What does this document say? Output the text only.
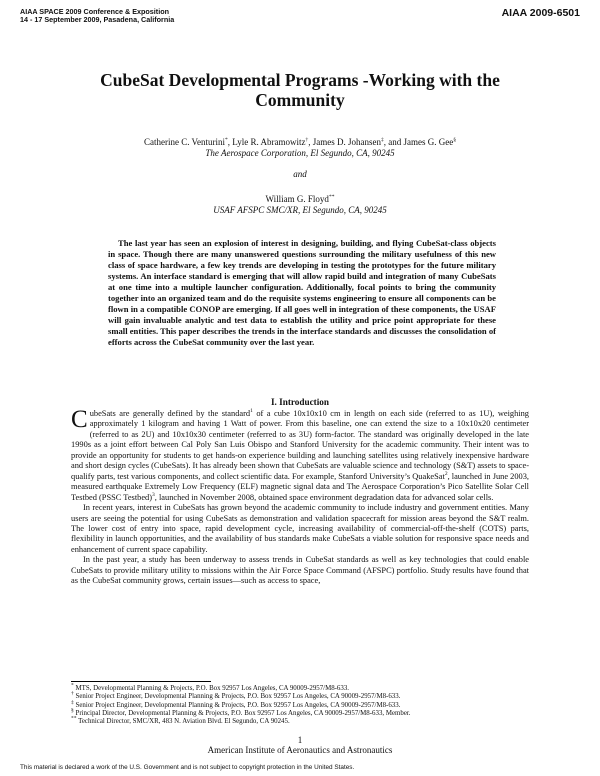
AIAA SPACE 2009 Conference & Exposition
14 - 17 September 2009, Pasadena, California
AIAA 2009-6501
CubeSat Developmental Programs -Working with the Community
Catherine C. Venturini*, Lyle R. Abramowitz†, James D. Johansen‡, and James G. Gee§
The Aerospace Corporation, El Segundo, CA, 90245
and
William G. Floyd**
USAF AFSPC SMC/XR, El Segundo, CA, 90245

The last year has seen an explosion of interest in designing, building, and flying CubeSat-class objects in space. Though there are many unanswered questions surrounding the military usefulness of this new class of space hardware, a few key trends are developing in testing the prototypes for the future military systems. An interface standard is emerging that will allow rapid build and integration of many CubeSats at one time into a multiple launcher configuration. Additionally, focal points to bring the community together into an organized team and do the requisite systems engineering to ensure all components can be flown in a compatible CONOP are emerging. If all goes well in integration of these components, the USAF will gain invaluable analytic and test data to establish the utility and price point appropriate for these small entities. This paper describes the trends in the interface standards and discusses the consolidation of efforts across the CubeSat community over the last year.

I. Introduction

CubeSats are generally defined by the standard$^1$ of a cube 10x10x10 cm in length on each side (referred to as 1U), weighing approximately 1 kilogram and having 1 Watt of power. From this baseline, one can extend the size to a 10x10x20 centimeter (referred to as 2U) and 10x10x30 centimeter (referred to as 3U) form-factor. The standard was originally developed in the late 1990s as a joint effort between Cal Poly San Luis Obispo and Stanford University for the academic community. Their intent was to provide an opportunity for students to get hands-on experience building and launching satellites using relatively inexpensive hardware and short design cycles (CubeSats). It has already been shown that CubeSats are valuable science and technology (S&T) assets to space-qualify parts, test various components, and collect scientific data. For example, Stanford University’s QuakeSat$^2$, launched in June 2003, measured earthquake Extremely Low Frequency (ELF) magnetic signal data and The Aerospace Corporation’s Pico Satellite Solar Cell Testbed (PSSC Testbed)$^3$, launched in November 2008, obtained space environment degradation data for advanced solar cells.

In recent years, interest in CubeSats has grown beyond the academic community to include industry and government entities. Many users are seeing the potential for using CubeSats as demonstration and validation spacecraft for mission areas beyond the S&T realm. The lower cost of entry into space, rapid development cycle, increasing availability of commercial-off-the-shelf (COTS) parts, flexibility in launch opportunities, and the availability of bus standards make CubeSats a viable solution for responsive space needs and enhancement of current space capability.

In the past year, a study has been underway to assess trends in CubeSat standards as well as key technologies that could enable CubeSats to provide military utility to missions within the Air Force Space Command (AFSPC) portfolio. Study results have found that as the CubeSat community grows, certain issues—such as access to space,

* MTS, Developmental Planning & Projects, P.O. Box 92957 Los Angeles, CA 90009-2957/M8-633.
† Senior Project Engineer, Developmental Planning & Projects, P.O. Box 92957 Los Angeles, CA 90009-2957/M8-633.
‡ Senior Project Engineer, Developmental Planning & Projects, P.O. Box 92957 Los Angeles, CA 90009-2957/M8-633.
§ Principal Director, Developmental Planning & Projects, P.O. Box 92957 Los Angeles, CA 90009-2957/M8-633, Member.
** Technical Director, SMC/XR, 483 N. Aviation Blvd. El Segundo, CA 90245.
1
American Institute of Aeronautics and Astronautics
This material is declared a work of the U.S. Government and is not subject to copyright protection in the United States.
